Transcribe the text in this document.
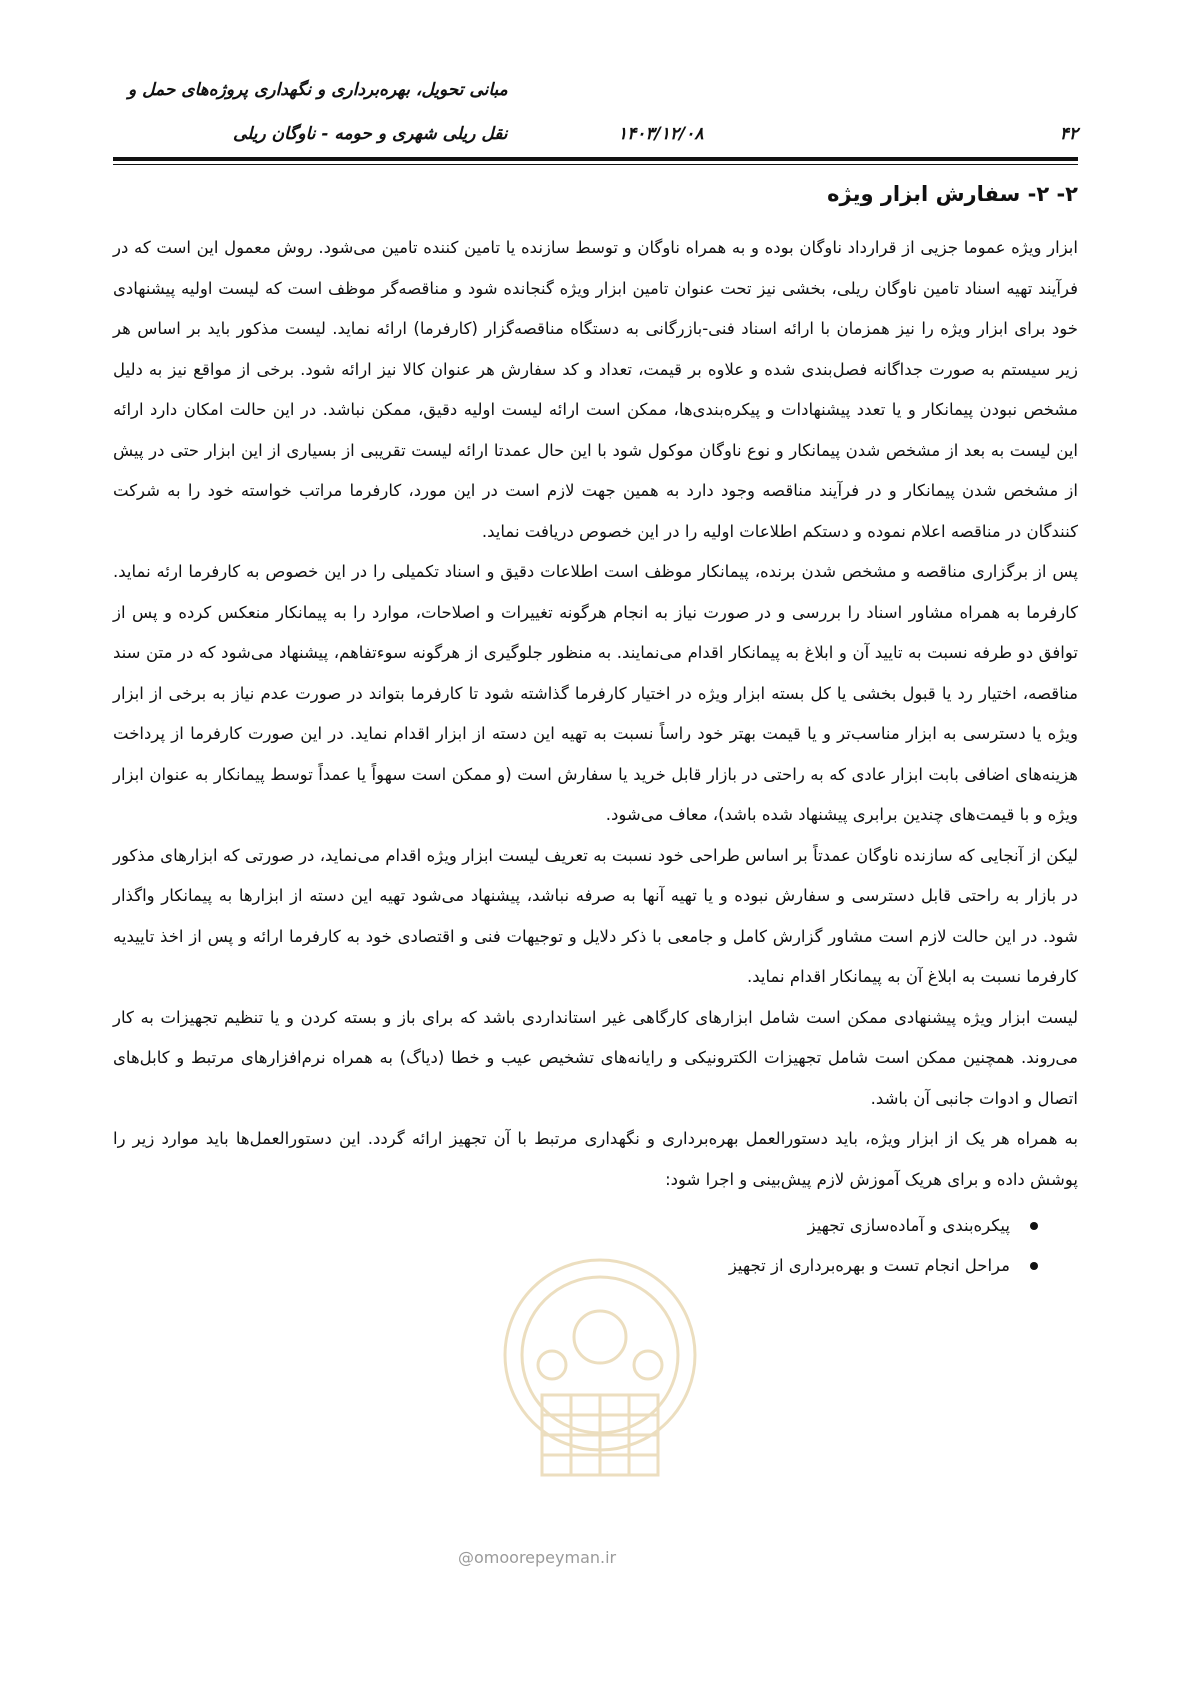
مبانی تحویل، بهره‌برداری و نگهداری پروژه‌های حمل و
نقل ریلی شهری و حومه - ناوگان ریلی	۱۴۰۳/۱۲/۰۸	۴۲
۲- ۲- سفارش ابزار ویژه

ابزار ویژه عموما جزیی از قرارداد ناوگان بوده و به همراه ناوگان و توسط سازنده یا تامین کننده تامین می‌شود. روش معمول این است که در فرآیند تهیه اسناد تامین ناوگان ریلی، بخشی نیز تحت عنوان تامین ابزار ویژه گنجانده شود و مناقصه‌گر موظف است که لیست اولیه پیشنهادی خود برای ابزار ویژه را نیز همزمان با ارائه اسناد فنی-بازرگانی به دستگاه مناقصه‌گزار (کارفرما) ارائه نماید. لیست مذکور باید بر اساس هر زیر سیستم به صورت جداگانه فصل‌بندی شده و علاوه بر قیمت، تعداد و کد سفارش هر عنوان کالا نیز ارائه شود. برخی از مواقع نیز به دلیل مشخص نبودن پیمانکار و یا تعدد پیشنهادات و پیکره‌بندی‌ها، ممکن است ارائه لیست اولیه دقیق، ممکن نباشد. در این حالت امکان دارد ارائه این لیست به بعد از مشخص شدن پیمانکار و نوع ناوگان موکول شود با این حال عمدتا ارائه لیست تقریبی از بسیاری از این ابزار حتی در پیش از مشخص شدن پیمانکار و در فرآیند مناقصه وجود دارد به همین جهت لازم است در این مورد، کارفرما مراتب خواسته خود را به شرکت کنندگان در مناقصه اعلام نموده و دستکم اطلاعات اولیه را در این خصوص دریافت نماید.

پس از برگزاری مناقصه و مشخص شدن برنده، پیمانکار موظف است اطلاعات دقیق و اسناد تکمیلی را در این خصوص به کارفرما ارئه نماید. کارفرما به همراه مشاور اسناد را بررسی و در صورت نیاز به انجام هرگونه تغییرات و اصلاحات، موارد را به پیمانکار منعکس کرده و پس از توافق دو طرفه نسبت به تایید آن و ابلاغ به پیمانکار اقدام می‌نمایند. به منظور جلوگیری از هرگونه سوءتفاهم، پیشنهاد می‌شود که در متن سند مناقصه، اختیار رد یا قبول بخشی یا کل بسته ابزار ویژه در اختیار کارفرما گذاشته شود تا کارفرما بتواند در صورت عدم نیاز به برخی از ابزار ویژه یا دسترسی به ابزار مناسب‌تر و یا قیمت بهتر خود راساً نسبت به تهیه این دسته از ابزار اقدام نماید. در این صورت کارفرما از پرداخت هزینه‌های اضافی بابت ابزار عادی که به راحتی در بازار قابل خرید یا سفارش است (و ممکن است سهواً یا عمداً توسط پیمانکار به عنوان ابزار ویژه و با قیمت‌های چندین برابری پیشنهاد شده باشد)، معاف می‌شود.

لیکن از آنجایی که سازنده ناوگان عمدتاً بر اساس طراحی خود نسبت به تعریف لیست ابزار ویژه اقدام می‌نماید، در صورتی که ابزارهای مذکور در بازار به راحتی قابل دسترسی و سفارش نبوده و یا تهیه آنها به صرفه نباشد، پیشنهاد می‌شود تهیه این دسته از ابزارها به پیمانکار واگذار شود. در این حالت لازم است مشاور گزارش کامل و جامعی با ذکر دلایل و توجیهات فنی و اقتصادی خود به کارفرما ارائه و پس از اخذ تاییدیه کارفرما نسبت به ابلاغ آن به پیمانکار اقدام نماید.

لیست ابزار ویژه پیشنهادی ممکن است شامل ابزارهای کارگاهی غیر استانداردی باشد که برای باز و بسته کردن و یا تنظیم تجهیزات به کار می‌روند. همچنین ممکن است شامل تجهیزات الکترونیکی و رایانه‌های تشخیص عیب و خطا (دیاگ) به همراه نرم‌افزارهای مرتبط و کابل‌های اتصال و ادوات جانبی آن باشد.

به همراه هر یک از ابزار ویژه، باید دستورالعمل بهره‌برداری و نگهداری مرتبط با آن تجهیز ارائه گردد. این دستورالعمل‌ها باید موارد زیر را پوشش داده و برای هریک آموزش لازم پیش‌بینی و اجرا شود:

پیکره‌بندی و آماده‌سازی تجهیز
مراحل انجام تست و بهره‌برداری از تجهیز
@omoorepeyman.ir
